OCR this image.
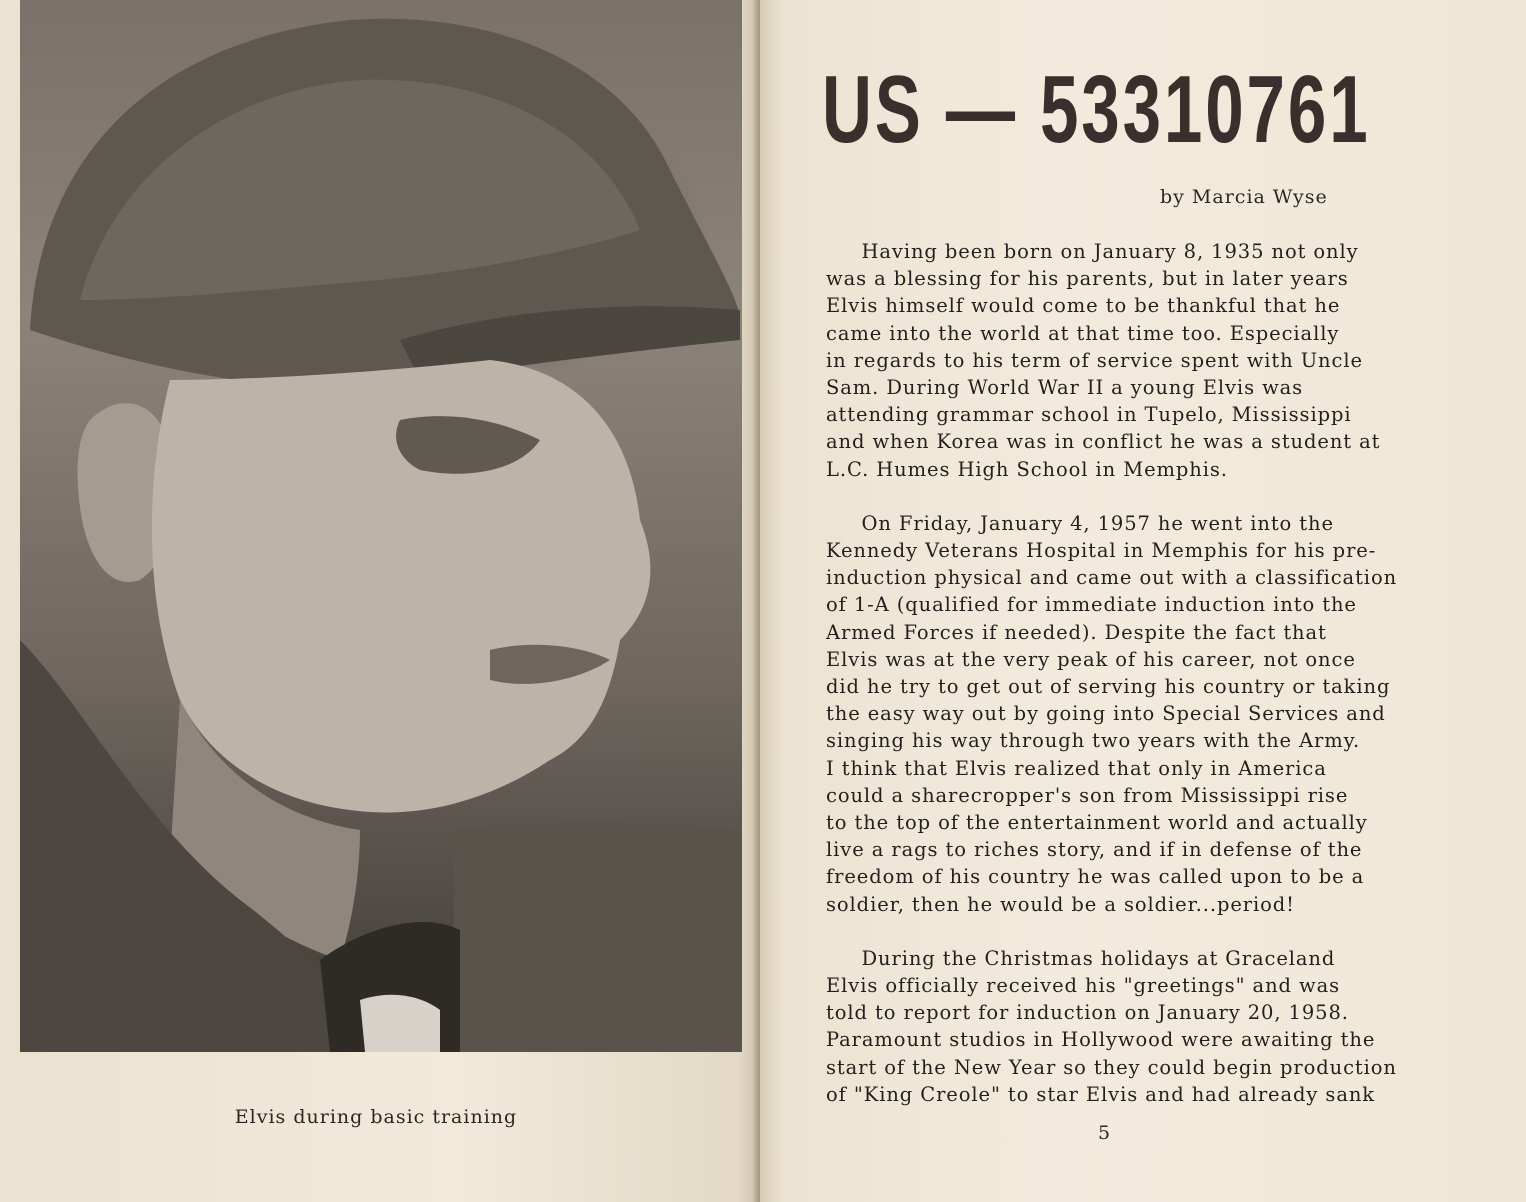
Elvis during basic training
US — 53310761
by Marcia Wyse

Having been born on January 8, 1935 not only
was a blessing for his parents, but in later years
Elvis himself would come to be thankful that he
came into the world at that time too. Especially
in regards to his term of service spent with Uncle
Sam. During World War II a young Elvis was
attending grammar school in Tupelo, Mississippi
and when Korea was in conflict he was a student at
L.C. Humes High School in Memphis.

On Friday, January 4, 1957 he went into the
Kennedy Veterans Hospital in Memphis for his pre-
induction physical and came out with a classification
of 1-A (qualified for immediate induction into the
Armed Forces if needed). Despite the fact that
Elvis was at the very peak of his career, not once
did he try to get out of serving his country or taking
the easy way out by going into Special Services and
singing his way through two years with the Army.
I think that Elvis realized that only in America
could a sharecropper's son from Mississippi rise
to the top of the entertainment world and actually
live a rags to riches story, and if in defense of the
freedom of his country he was called upon to be a
soldier, then he would be a soldier...period!

During the Christmas holidays at Graceland
Elvis officially received his "greetings" and was
told to report for induction on January 20, 1958.
Paramount studios in Hollywood were awaiting the
start of the New Year so they could begin production
of "King Creole" to star Elvis and had already sank

5
